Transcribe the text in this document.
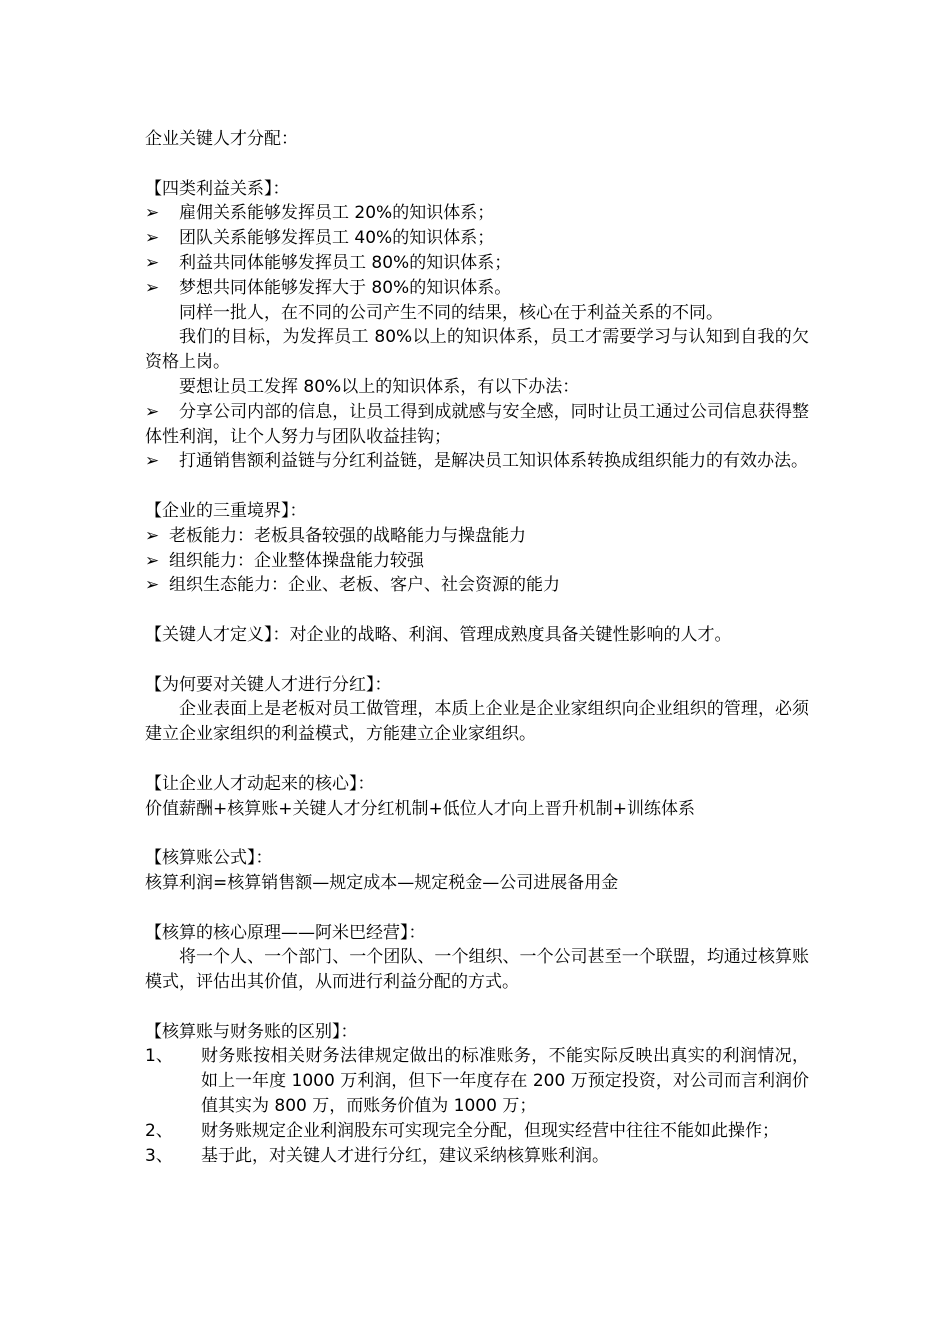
企业关键人才分配：

【四类利益关系】：

➢	雇佣关系能够发挥员工 20%的知识体系；
➢	团队关系能够发挥员工 40%的知识体系；
➢	利益共同体能够发挥员工 80%的知识体系；
➢	梦想共同体能够发挥大于 80%的知识体系。

同样一批人，在不同的公司产生不同的结果，核心在于利益关系的不同。

我们的目标，为发挥员工 80%以上的知识体系，员工才需要学习与认知到自我的欠资格上岗。

要想让员工发挥 80%以上的知识体系，有以下办法：

➢ 分享公司内部的信息，让员工得到成就感与安全感，同时让员工通过公司信息获得整体性利润，让个人努力与团队收益挂钩；

➢ 打通销售额利益链与分红利益链，是解决员工知识体系转换成组织能力的有效办法。

【企业的三重境界】：

➢ 老板能力：老板具备较强的战略能力与操盘能力
➢ 组织能力：企业整体操盘能力较强
➢ 组织生态能力：企业、老板、客户、社会资源的能力

【关键人才定义】：对企业的战略、利润、管理成熟度具备关键性影响的人才。

【为何要对关键人才进行分红】：

企业表面上是老板对员工做管理，本质上企业是企业家组织向企业组织的管理，必须建立企业家组织的利益模式，方能建立企业家组织。

【让企业人才动起来的核心】：

价值薪酬+核算账+关键人才分红机制+低位人才向上晋升机制+训练体系

【核算账公式】：

核算利润=核算销售额—规定成本—规定税金—公司进展备用金

【核算的核心原理——阿米巴经营】：

将一个人、一个部门、一个团队、一个组织、一个公司甚至一个联盟，均通过核算账模式，评估出其价值，从而进行利益分配的方式。

【核算账与财务账的区别】：

1、	财务账按相关财务法律规定做出的标准账务，不能实际反映出真实的利润情况，如上一年度 1000 万利润，但下一年度存在 200 万预定投资，对公司而言利润价值其实为 800 万，而账务价值为 1000 万；
2、	财务账规定企业利润股东可实现完全分配，但现实经营中往往不能如此操作；
3、	基于此，对关键人才进行分红，建议采纳核算账利润。
